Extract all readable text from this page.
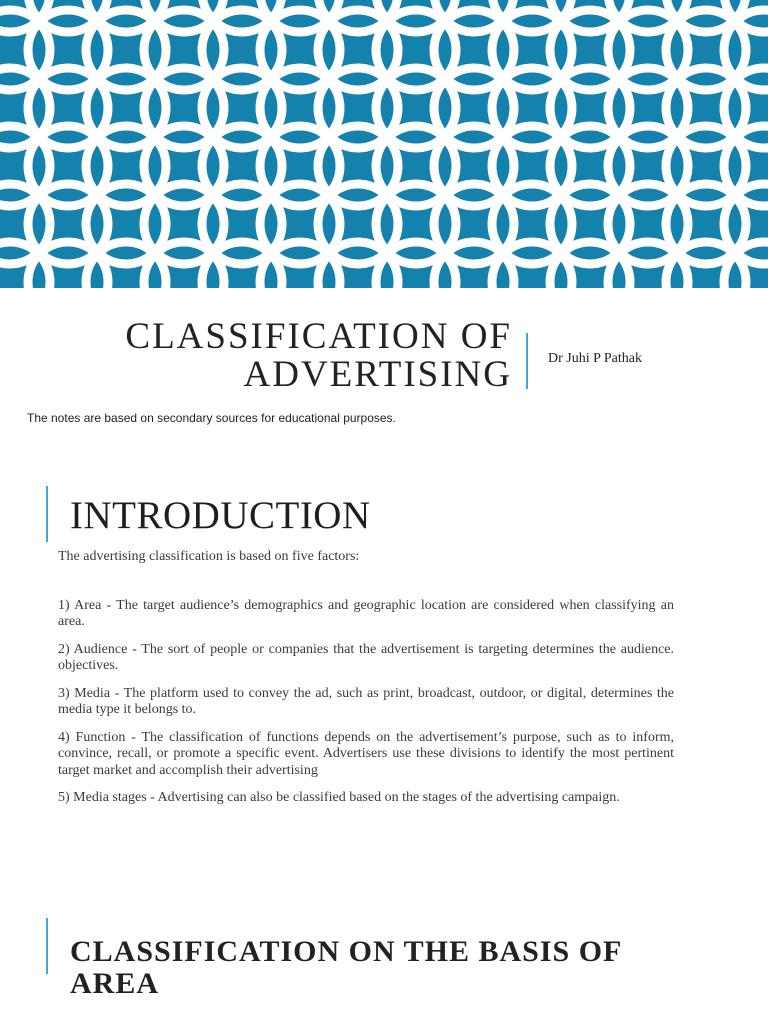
CLASSIFICATION OF
ADVERTISING	Dr Juhi P Pathak
The notes are based on secondary sources for educational purposes.
INTRODUCTION

The advertising classification is based on five factors:

1) Area - The target audience’s demographics and geographic location are considered when classifying an area.

2) Audience - The sort of people or companies that the advertisement is targeting determines the audience. objectives.

3) Media - The platform used to convey the ad, such as print, broadcast, outdoor, or digital, determines the media type it belongs to.

4) Function - The classification of functions depends on the advertisement’s purpose, such as to inform, convince, recall, or promote a specific event. Advertisers use these divisions to identify the most pertinent target market and accomplish their advertising

5) Media stages - Advertising can also be classified based on the stages of the advertising campaign.

CLASSIFICATION ON THE BASIS OF AREA
